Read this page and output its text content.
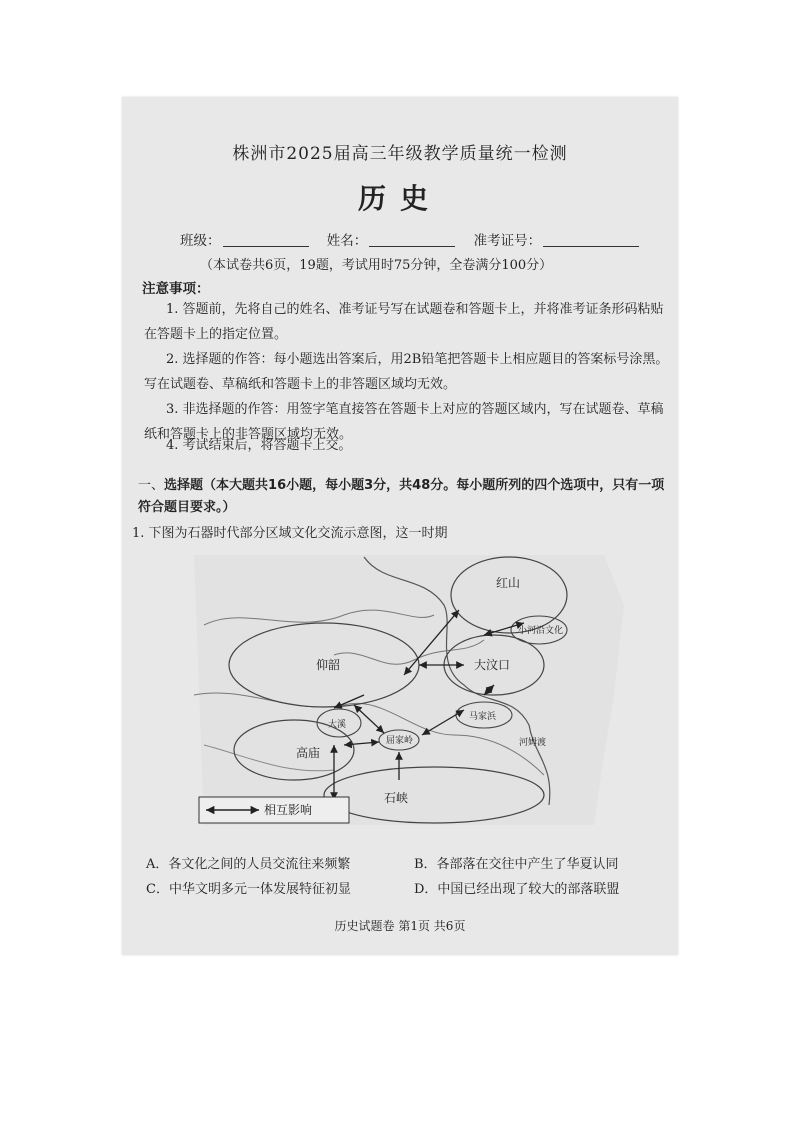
株洲市2025届高三年级教学质量统一检测
历史
班级：	姓名：	准考证号：
（本试卷共6页，19题，考试用时75分钟，全卷满分100分）
注意事项：
1. 答题前，先将自己的姓名、准考证号写在试题卷和答题卡上，并将准考证条形码粘贴在答题卡上的指定位置。
2. 选择题的作答：每小题选出答案后，用2B铅笔把答题卡上相应题目的答案标号涂黑。写在试题卷、草稿纸和答题卡上的非答题区域均无效。
3. 非选择题的作答：用签字笔直接答在答题卡上对应的答题区域内，写在试题卷、草稿纸和答题卡上的非答题区域均无效。
4. 考试结束后，将答题卡上交。
一、选择题（本大题共16小题，每小题3分，共48分。每小题所列的四个选项中，只有一项符合题目要求。）
1. 下图为石器时代部分区域文化交流示意图，这一时期
红山
小河沿文化
仰韶	大汶口
大溪
屈家岭
马家浜
河姆渡
高庙
石峡
相互影响
A．各文化之间的人员交流往来频繁	B．各部落在交往中产生了华夏认同
C．中华文明多元一体发展特征初显	D．中国已经出现了较大的部落联盟
历史试题卷 第1页 共6页
